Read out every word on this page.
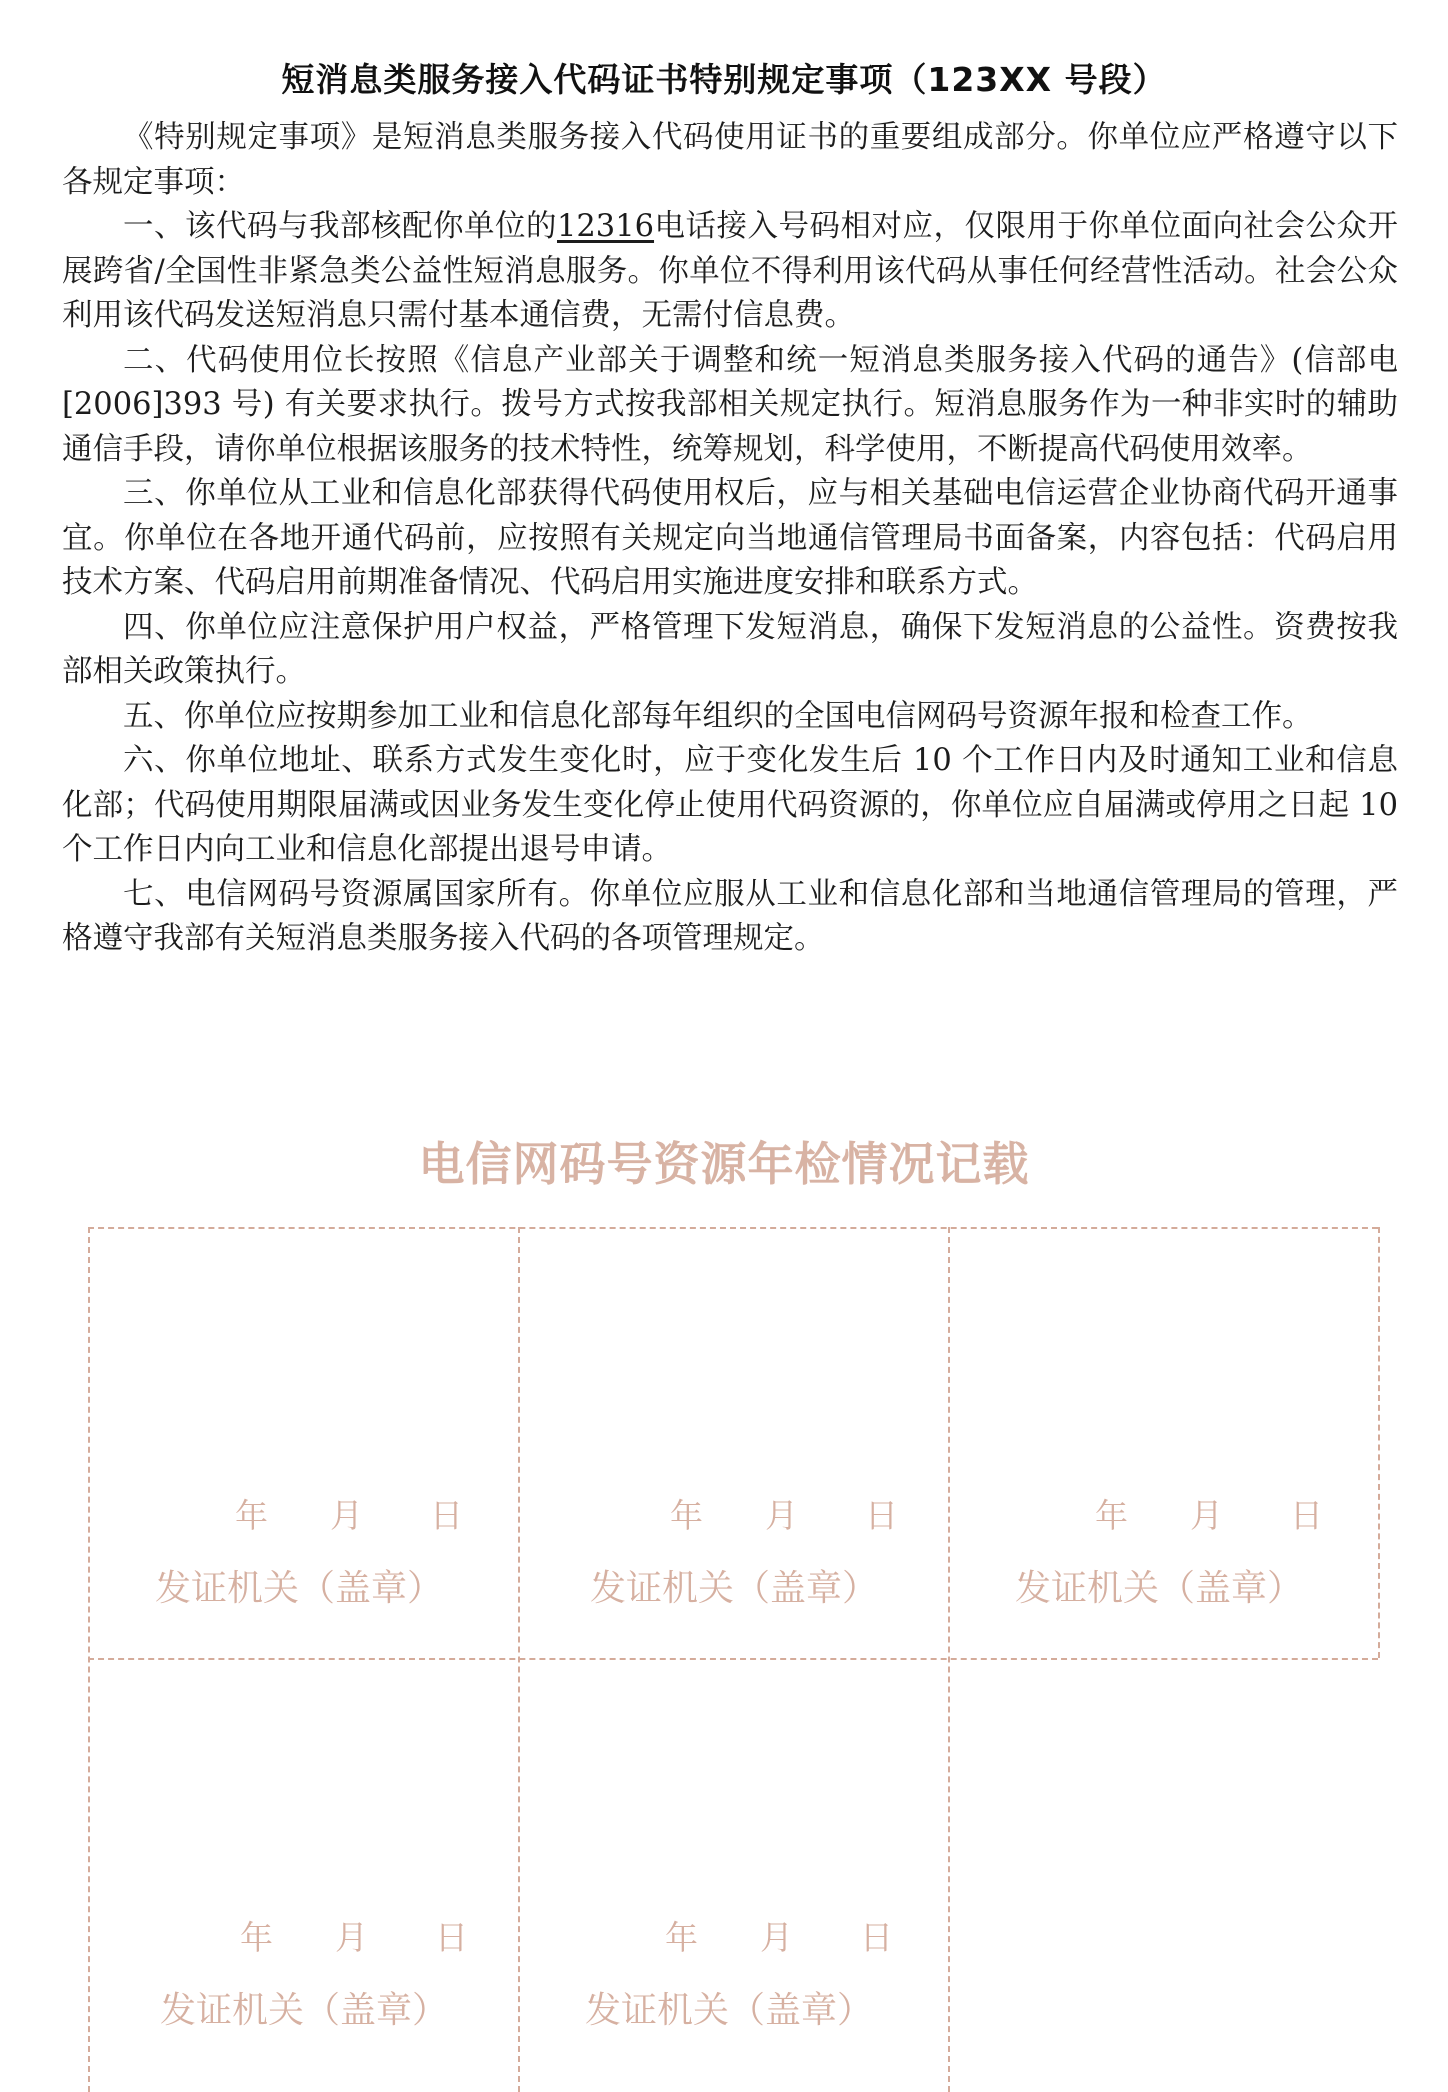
短消息类服务接入代码证书特别规定事项（123XX 号段）

《特别规定事项》是短消息类服务接入代码使用证书的重要组成部分。你单位应严格遵守以下各规定事项：

一、该代码与我部核配你单位的12316电话接入号码相对应，仅限用于你单位面向社会公众开展跨省/全国性非紧急类公益性短消息服务。你单位不得利用该代码从事任何经营性活动。社会公众利用该代码发送短消息只需付基本通信费，无需付信息费。

二、代码使用位长按照《信息产业部关于调整和统一短消息类服务接入代码的通告》(信部电[2006]393 号) 有关要求执行。拨号方式按我部相关规定执行。短消息服务作为一种非实时的辅助通信手段，请你单位根据该服务的技术特性，统筹规划，科学使用，不断提高代码使用效率。

三、你单位从工业和信息化部获得代码使用权后，应与相关基础电信运营企业协商代码开通事宜。你单位在各地开通代码前，应按照有关规定向当地通信管理局书面备案，内容包括：代码启用技术方案、代码启用前期准备情况、代码启用实施进度安排和联系方式。

四、你单位应注意保护用户权益，严格管理下发短消息，确保下发短消息的公益性。资费按我部相关政策执行。

五、你单位应按期参加工业和信息化部每年组织的全国电信网码号资源年报和检查工作。

六、你单位地址、联系方式发生变化时，应于变化发生后 10 个工作日内及时通知工业和信息化部；代码使用期限届满或因业务发生变化停止使用代码资源的，你单位应自届满或停用之日起 10 个工作日内向工业和信息化部提出退号申请。

七、电信网码号资源属国家所有。你单位应服从工业和信息化部和当地通信管理局的管理，严格遵守我部有关短消息类服务接入代码的各项管理规定。

电信网码号资源年检情况记载
年 月 日
发证机关（盖章）
年 月 日
发证机关（盖章）
年 月 日
发证机关（盖章）
年 月 日
发证机关（盖章）
年 月 日
发证机关（盖章）
